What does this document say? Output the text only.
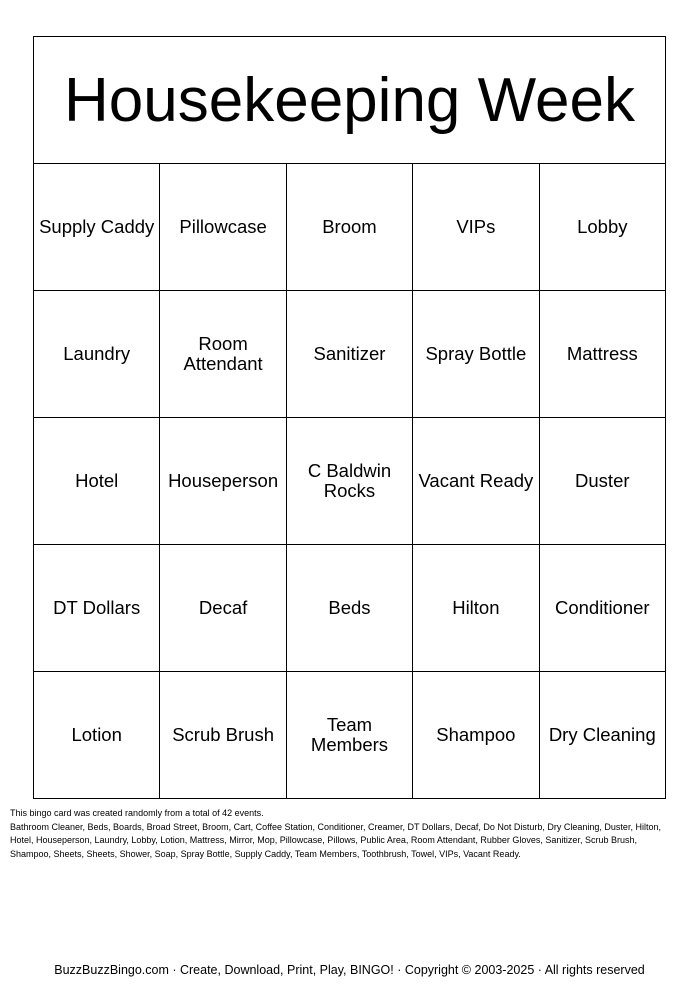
Housekeeping Week				
Supply Caddy	Pillowcase	Broom	VIPs	Lobby
Laundry	Room Attendant	Sanitizer	Spray Bottle	Mattress
Hotel	Houseperson	C Baldwin Rocks	Vacant Ready	Duster
DT Dollars	Decaf	Beds	Hilton	Conditioner
Lotion	Scrub Brush	Team Members	Shampoo	Dry Cleaning

This bingo card was created randomly from a total of 42 events.

Bathroom Cleaner, Beds, Boards, Broad Street, Broom, Cart, Coffee Station, Conditioner, Creamer, DT Dollars, Decaf, Do Not Disturb, Dry Cleaning, Duster, Hilton, Hotel, Houseperson, Laundry, Lobby, Lotion, Mattress, Mirror, Mop, Pillowcase, Pillows, Public Area, Room Attendant, Rubber Gloves, Sanitizer, Scrub Brush, Shampoo, Sheets, Sheets, Shower, Soap, Spray Bottle, Supply Caddy, Team Members, Toothbrush, Towel, VIPs, Vacant Ready.

BuzzBuzzBingo.com · Create, Download, Print, Play, BINGO! · Copyright © 2003-2025 · All rights reserved
